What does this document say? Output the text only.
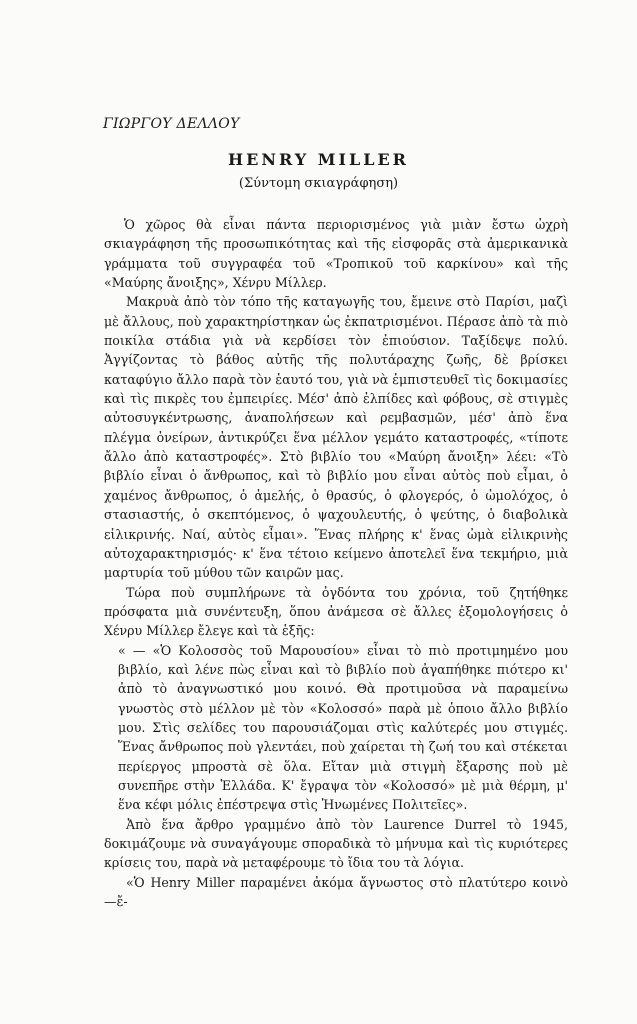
ΓΙΩΡΓΟΥ ΔΕΛΛΟΥ
HENRY MILLER
(Σύντομη σκιαγράφηση)

Ὁ χῶρος θὰ εἶναι πάντα περιορισμένος γιὰ μιὰν ἔστω ὠχρὴ σκιαγράφηση τῆς προσωπικότητας καὶ τῆς εἰσφορᾶς στὰ ἀμερικανικὰ γράμματα τοῦ συγγραφέα τοῦ «Τροπικοῦ τοῦ καρκίνου» καὶ τῆς «Μαύρης ἄνοιξης», Χένρυ Μίλλερ.

Μακρυὰ ἀπὸ τὸν τόπο τῆς καταγωγῆς του, ἔμεινε στὸ Παρίσι, μαζὶ μὲ ἄλλους, ποὺ χαρακτηρίστηκαν ὡς ἐκπατρισμένοι. Πέρασε ἀπὸ τὰ πιὸ ποικίλα στάδια γιὰ νὰ κερδίσει τὸν ἐπιούσιον. Ταξίδεψε πολύ. Ἀγγίζοντας τὸ βάθος αὐτῆς τῆς πολυτάραχης ζωῆς, δὲ βρίσκει καταφύγιο ἄλλο παρὰ τὸν ἑαυτό του, γιὰ νὰ ἐμπιστευθεῖ τὶς δοκιμασίες καὶ τὶς πικρὲς του ἐμπειρίες. Μέσ' ἀπὸ ἐλπίδες καὶ φόβους, σὲ στιγμὲς αὐτοσυγκέντρωσης, ἀναπολήσεων καὶ ρεμβασμῶν, μέσ' ἀπὸ ἕνα πλέγμα ὀνείρων, ἀντικρύζει ἕνα μέλλον γεμάτο καταστροφές, «τίποτε ἄλλο ἀπὸ καταστροφές». Στὸ βιβλίο του «Μαύρη ἄνοιξη» λέει: «Τὸ βιβλίο εἶναι ὁ ἄνθρωπος, καὶ τὸ βιβλίο μου εἶναι αὐτὸς ποὺ εἶμαι, ὁ χαμένος ἄνθρωπος, ὁ ἀμελής, ὁ θρασύς, ὁ φλογερός, ὁ ὠμολόχος, ὁ στασιαστής, ὁ σκεπτόμενος, ὁ ψαχουλευτής, ὁ ψεύτης, ὁ διαβολικὰ εἰλικρινής. Ναί, αὐτὸς εἶμαι». Ἕνας πλήρης κ' ἕνας ὠμὰ εἰλικρινὴς αὐτοχαρακτηρισμός· κ' ἕνα τέτοιο κείμενο ἀποτελεῖ ἕνα τεκμήριο, μιὰ μαρτυρία τοῦ μύθου τῶν καιρῶν μας.

Τώρα ποὺ συμπλήρωνε τὰ ὀγδόντα του χρόνια, τοῦ ζητήθηκε πρόσφατα μιὰ συνέντευξη, ὅπου ἀνάμεσα σὲ ἄλλες ἐξομολογήσεις ὁ Χένρυ Μίλλερ ἔλεγε καὶ τὰ ἑξῆς:

« — «Ὁ Κολοσσὸς τοῦ Μαρουσίου» εἶναι τὸ πιὸ προτιμημένο μου βιβλίο, καὶ λένε πὼς εἶναι καὶ τὸ βιβλίο ποὺ ἀγαπήθηκε πιότερο κι' ἀπὸ τὸ ἀναγνωστικό μου κοινό. Θὰ προτιμοῦσα νὰ παραμείνω γνωστὸς στὸ μέλλον μὲ τὸν «Κολοσσό» παρὰ μὲ ὁποιο ἄλλο βιβλίο μου. Στὶς σελίδες του παρουσιάζομαι στὶς καλύτερές μου στιγμές. Ἕνας ἄνθρωπος ποὺ γλεντάει, ποὺ χαίρεται τὴ ζωή του καὶ στέκεται περίεργος μπροστὰ σὲ ὅλα. Εἴταν μιὰ στιγμὴ ἔξαρσης ποὺ μὲ συνεπῆρε στὴν Ἑλλάδα. Κ' ἔγραψα τὸν «Κολοσσό» μὲ μιὰ θέρμη, μ' ἕνα κέφι μόλις ἐπέστρεψα στὶς Ἡνωμένες Πολιτεῖες».

Ἀπὸ ἕνα ἄρθρο γραμμένο ἀπὸ τὸν Laurence Durrel τὸ 1945, δοκιμάζουμε νὰ συναγάγουμε σποραδικὰ τὸ μήνυμα καὶ τὶς κυριότερες κρίσεις του, παρὰ νὰ μεταφέρουμε τὸ ἴδια του τὰ λόγια.

«Ὁ Henry Miller παραμένει ἀκόμα ἄγνωστος στὸ πλατύτερο κοινὸ —ἔ-
